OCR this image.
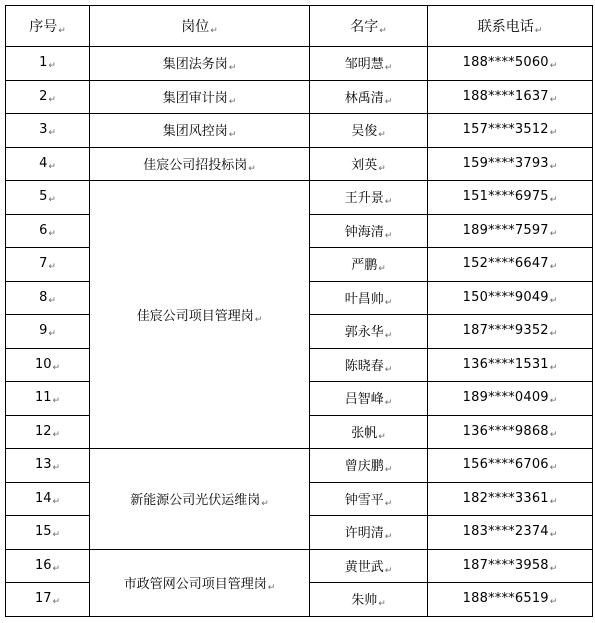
序号↵	岗位↵	名字↵	联系电话↵
1↵	集团法务岗↵	邹明慧↵	188****5060↵
2↵	集团审计岗↵	林禹清↵	188****1637↵
3↵	集团风控岗↵	吴俊↵	157****3512↵
4↵	佳宸公司招投标岗↵	刘英↵	159****3793↵
5↵	佳宸公司项目管理岗↵	王升景↵	151****6975↵
6↵		钟海清↵	189****7597↵
7↵		严鹏↵	152****6647↵
8↵		叶昌帅↵	150****9049↵
9↵		郭永华↵	187****9352↵
10↵		陈晓春↵	136****1531↵
11↵		吕智峰↵	189****0409↵
12↵		张帆↵	136****9868↵
13↵	新能源公司光伏运维岗↵	曾庆鹏↵	156****6706↵
14↵		钟雪平↵	182****3361↵
15↵		许明清↵	183****2374↵
16↵	市政管网公司项目管理岗↵	黄世武↵	187****3958↵
17↵		朱帅↵	188****6519↵
